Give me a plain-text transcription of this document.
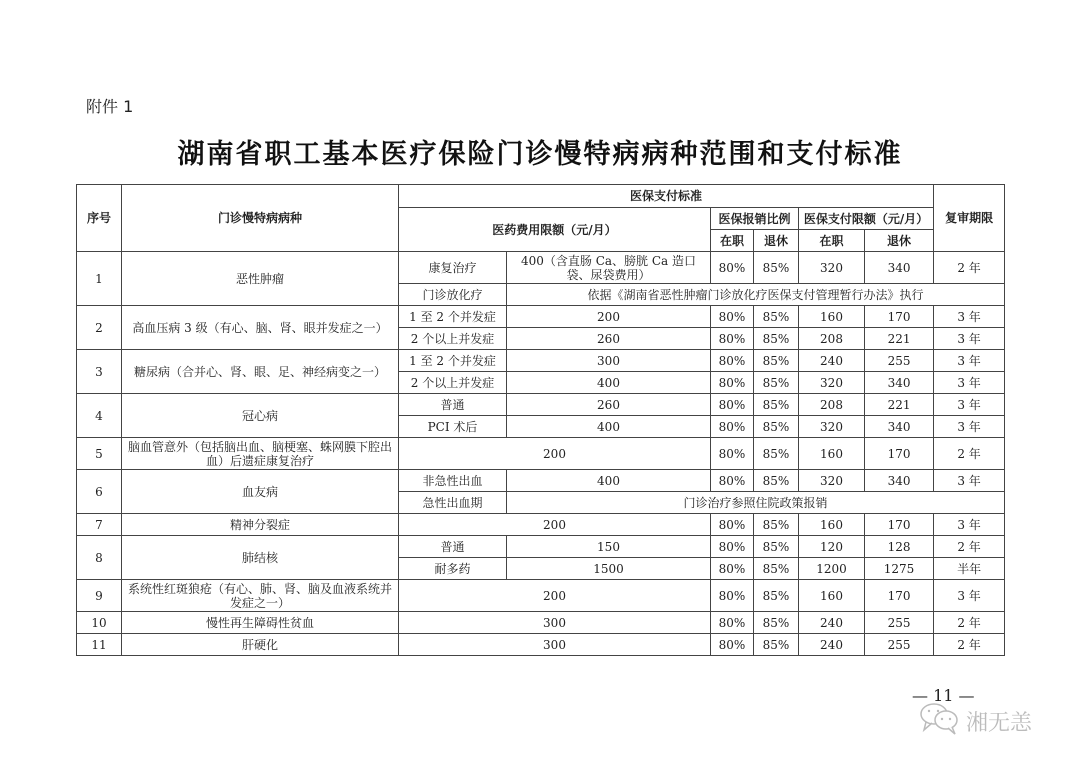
附件 1
湖南省职工基本医疗保险门诊慢特病病种范围和支付标准
序号	门诊慢特病病种	医保支付标准						复审期限
		医药费用限额（元/月）		医保报销比例		医保支付限额（元/月）		
				在职	退休	在职	退休	
1	恶性肿瘤	康复治疗	400（含直肠 Ca、膀胱 Ca 造口袋、尿袋费用）	80%	85%	320	340	2 年
		门诊放化疗	依据《湖南省恶性肿瘤门诊放化疗医保支付管理暂行办法》执行					
2	高血压病 3 级（有心、脑、肾、眼并发症之一）	1 至 2 个并发症	200	80%	85%	160	170	3 年
		2 个以上并发症	260	80%	85%	208	221	3 年
3	糖尿病（合并心、肾、眼、足、神经病变之一）	1 至 2 个并发症	300	80%	85%	240	255	3 年
		2 个以上并发症	400	80%	85%	320	340	3 年
4	冠心病	普通	260	80%	85%	208	221	3 年
		PCI 术后	400	80%	85%	320	340	3 年
5	脑血管意外（包括脑出血、脑梗塞、蛛网膜下腔出血）后遗症康复治疗	200		80%	85%	160	170	2 年
6	血友病	非急性出血	400	80%	85%	320	340	3 年
		急性出血期	门诊治疗参照住院政策报销					
7	精神分裂症	200		80%	85%	160	170	3 年
8	肺结核	普通	150	80%	85%	120	128	2 年
		耐多药	1500	80%	85%	1200	1275	半年
9	系统性红斑狼疮（有心、肺、肾、脑及血液系统并发症之一）	200		80%	85%	160	170	3 年
10	慢性再生障碍性贫血	300		80%	85%	240	255	2 年
11	肝硬化	300		80%	85%	240	255	2 年
— 11 —
湘无恙
